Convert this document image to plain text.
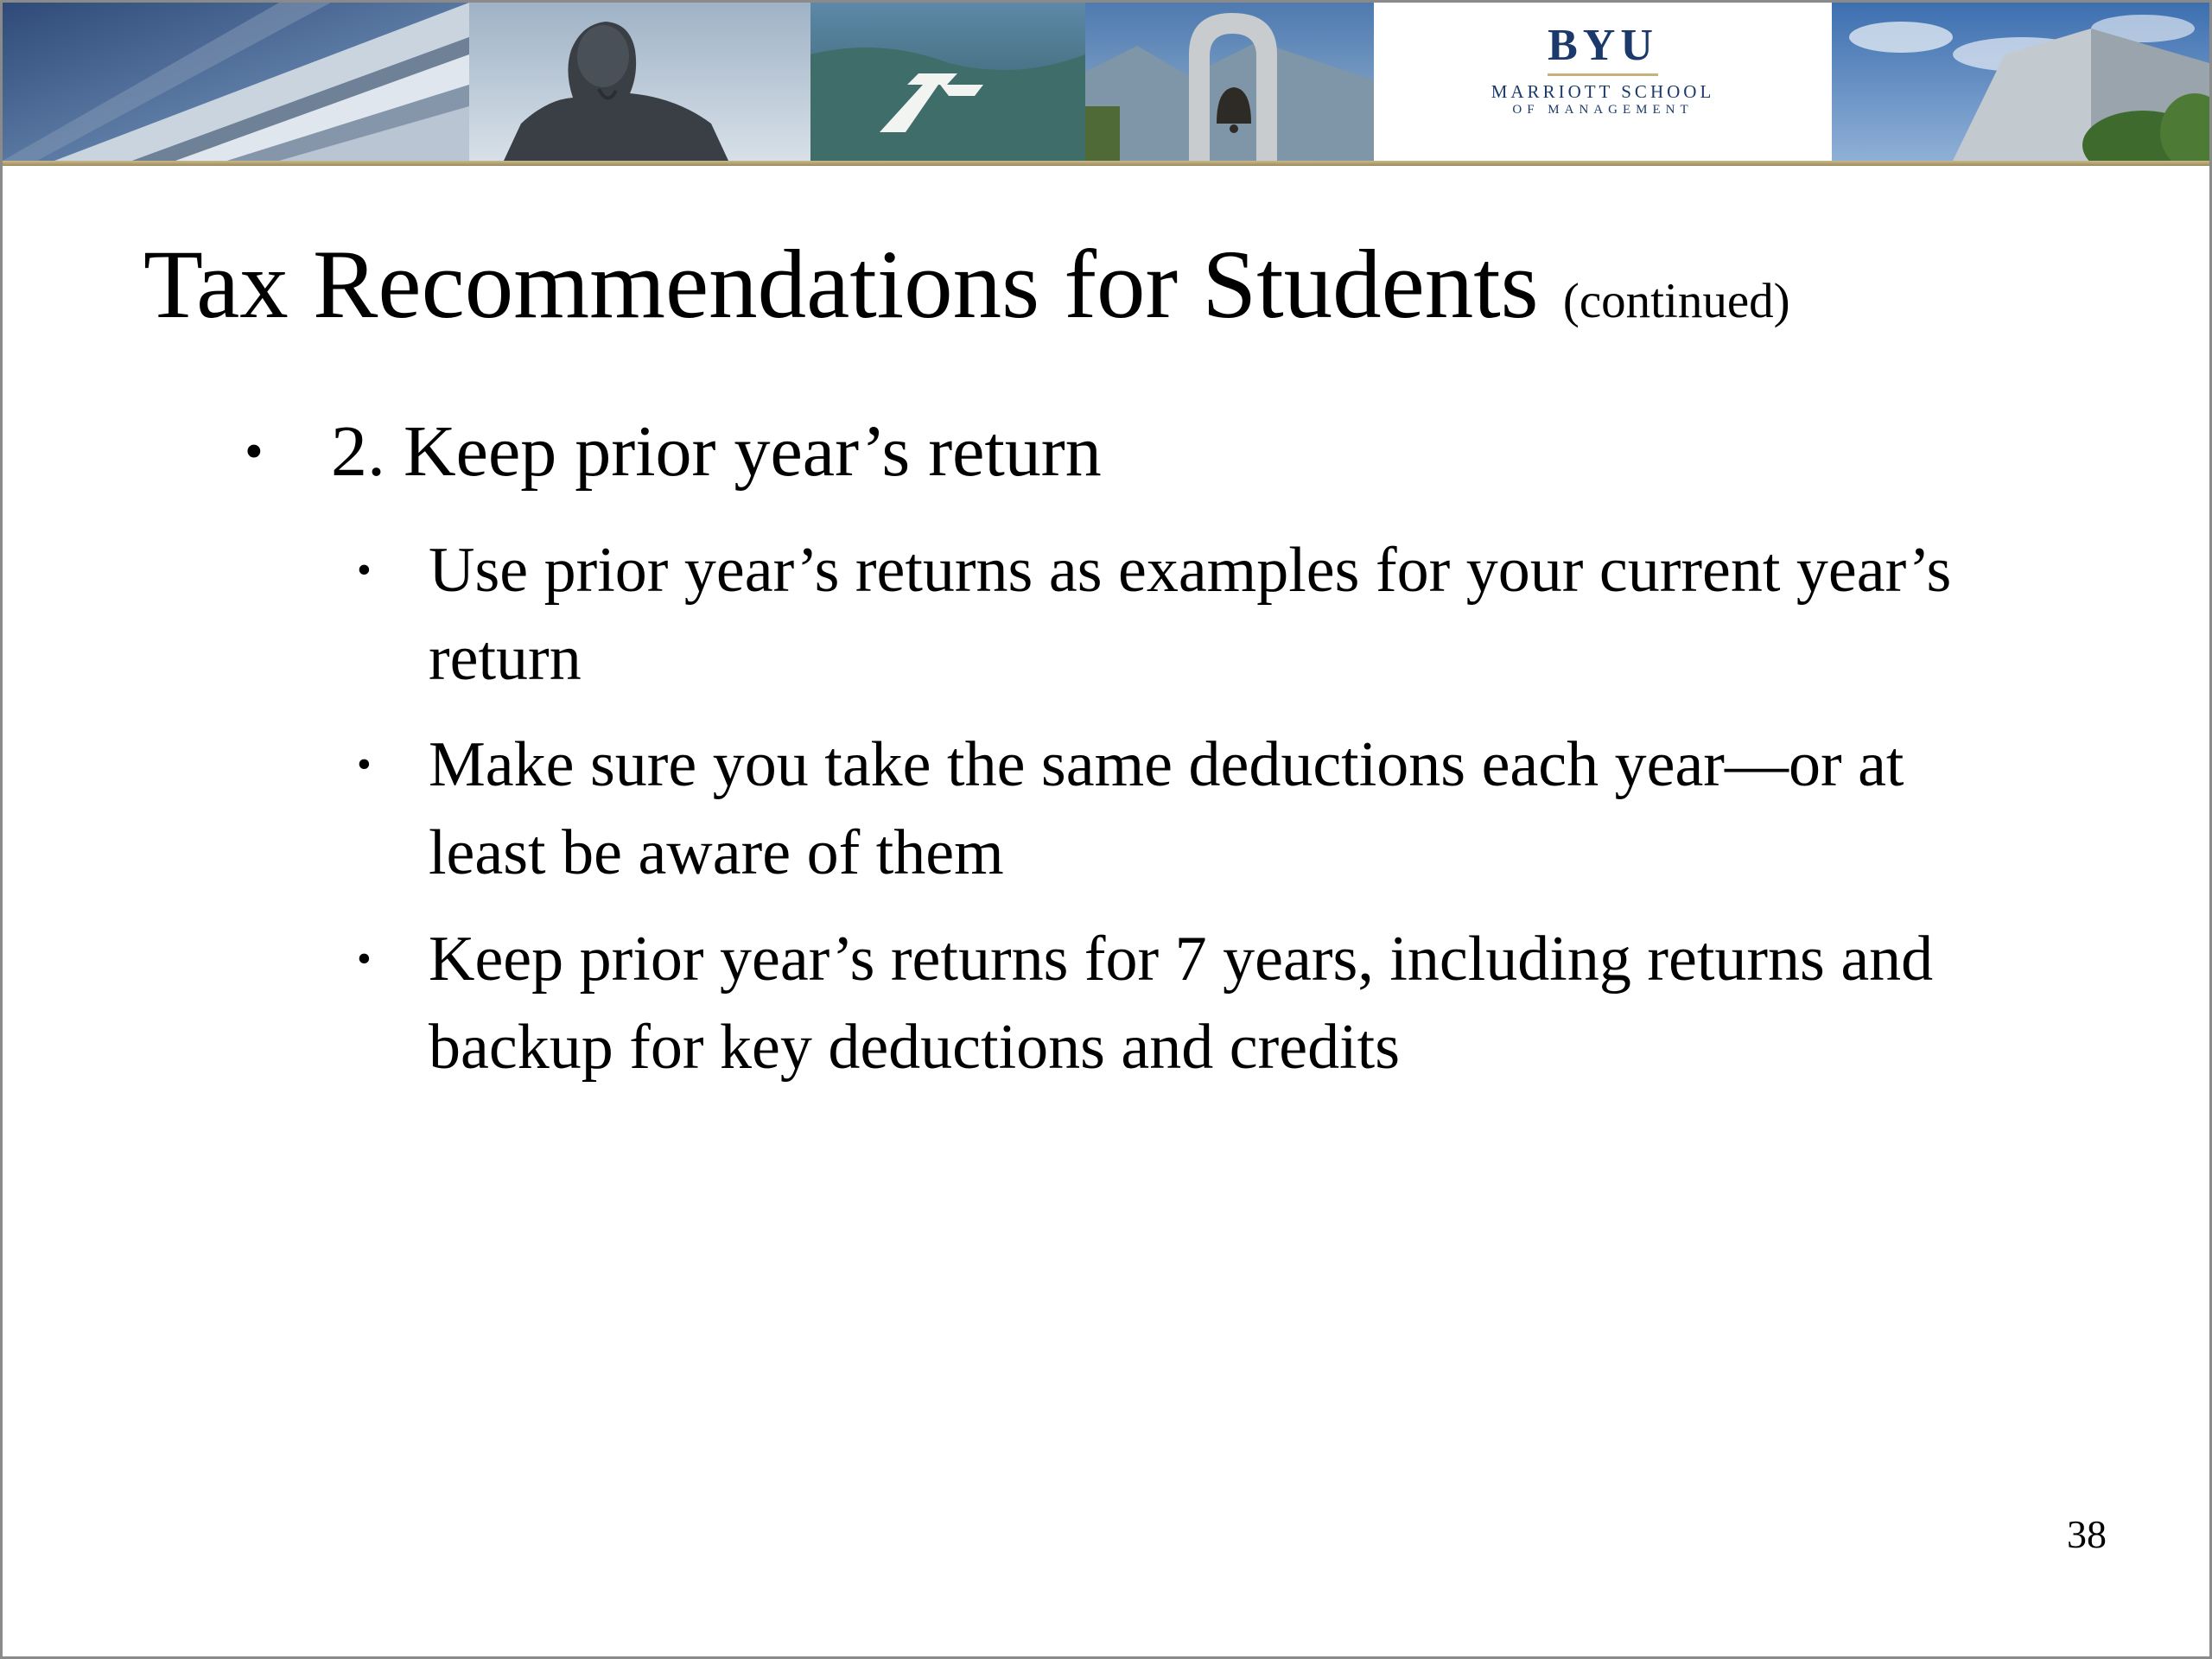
BYU
MARRIOTT SCHOOL
OF MANAGEMENT
Tax Recommendations for Students (continued)
• 2. Keep prior year’s return
• Use prior year’s returns as examples for your current year’s return
• Make sure you take the same deductions each year—or at least be aware of them
• Keep prior year’s returns for 7 years, including returns and backup for key deductions and credits
38
